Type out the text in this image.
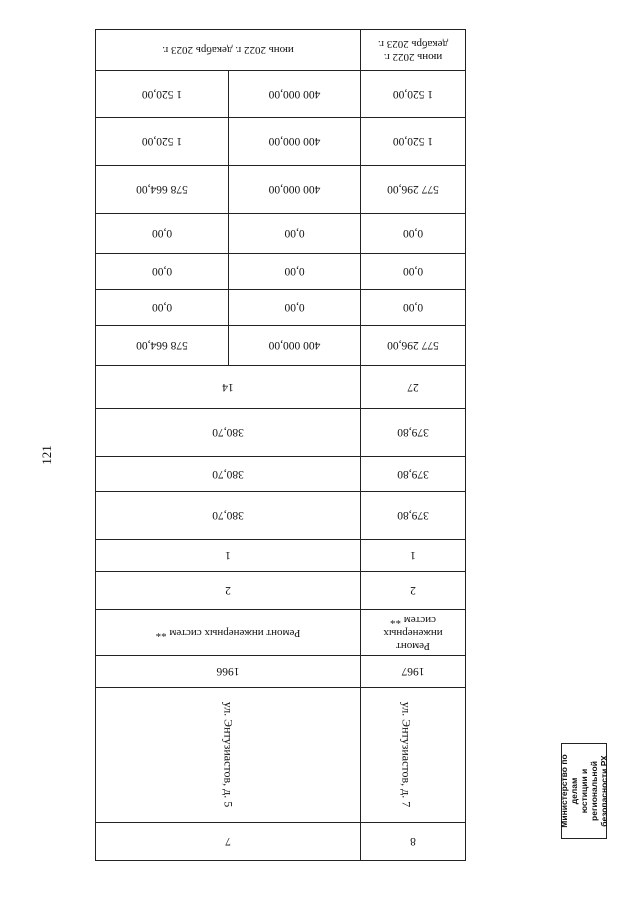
121
8	7	
ул. Энтузиастов, д. 7	ул. Энтузиастов, д. 5	
1967	1966	
Ремонт инженерных систем **	Ремонт инженерных систем **	
2	2	
1	1	
379,80	380,70	
379,80	380,70	
379,80	380,70	
27	14	
577 296,00	400 000,00	578 664,00
0,00	0,00	0,00
0,00	0,00	0,00
0,00	0,00	0,00
577 296,00	400 000,00	578 664,00
1 520,00	400 000,00	1 520,00
1 520,00	400 000,00	1 520,00
июнь 2022 г. декабрь 2023 г.	июнь 2022 г. декабрь 2023 г.	
Министерство по делам юстиции и региональной безопасности РХ
